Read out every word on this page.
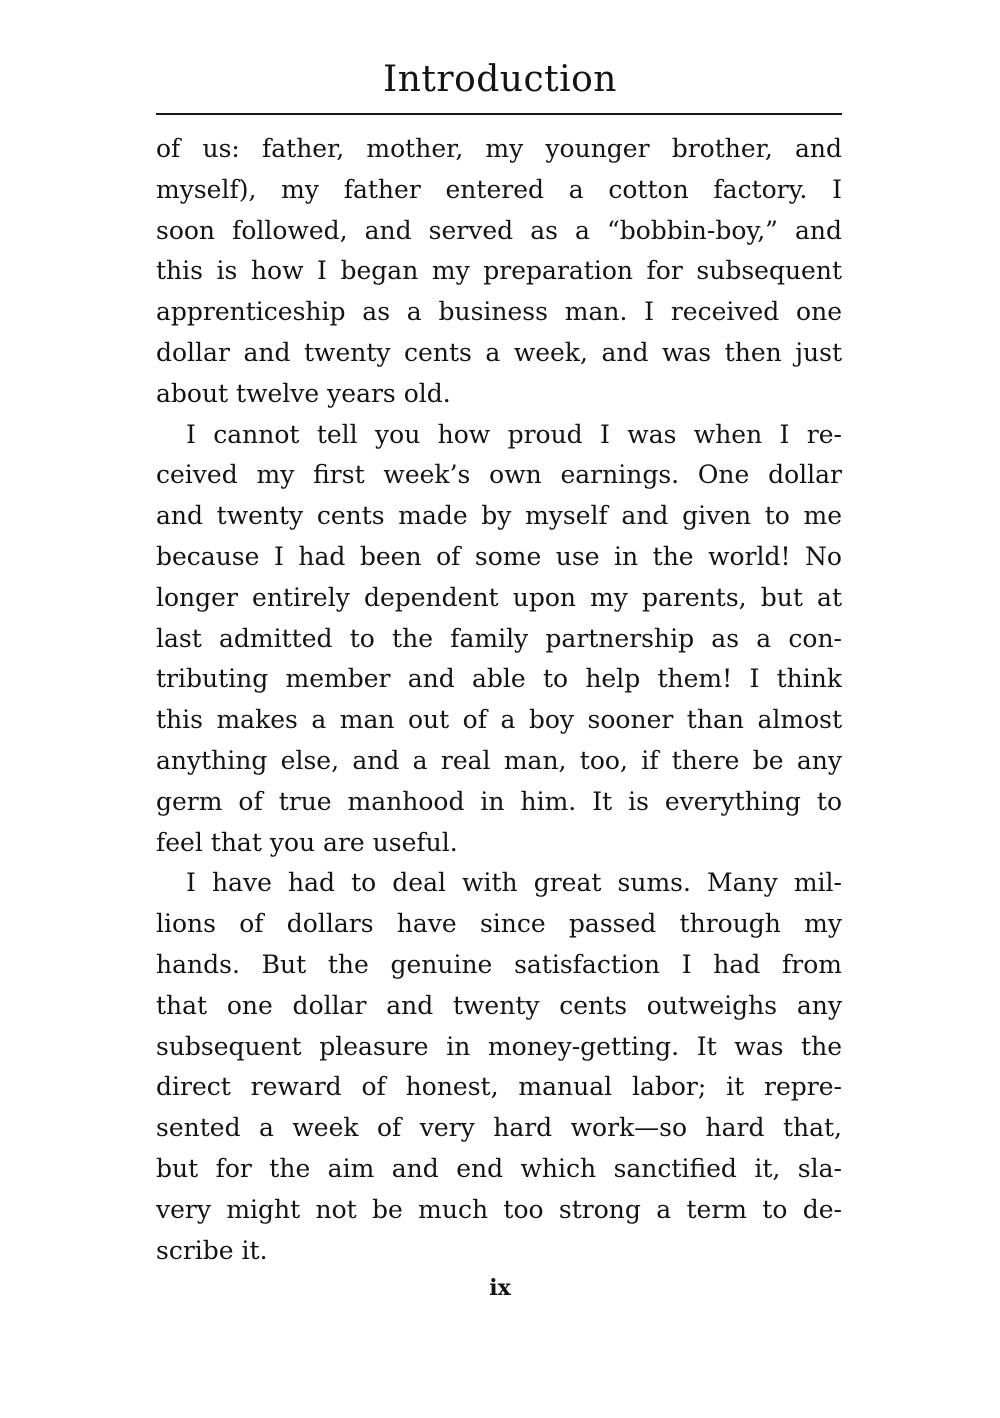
Introduction
of us: father, mother, my younger brother, and
myself), my father entered a cotton factory. I
soon followed, and served as a “bobbin-boy,” and
this is how I began my preparation for subsequent
apprenticeship as a business man. I received one
dollar and twenty cents a week, and was then just
about twelve years old.
I cannot tell you how proud I was when I re-
ceived my first week’s own earnings. One dollar
and twenty cents made by myself and given to me
because I had been of some use in the world! No
longer entirely dependent upon my parents, but at
last admitted to the family partnership as a con-
tributing member and able to help them! I think
this makes a man out of a boy sooner than almost
anything else, and a real man, too, if there be any
germ of true manhood in him. It is everything to
feel that you are useful.
I have had to deal with great sums. Many mil-
lions of dollars have since passed through my
hands. But the genuine satisfaction I had from
that one dollar and twenty cents outweighs any
subsequent pleasure in money-getting. It was the
direct reward of honest, manual labor; it repre-
sented a week of very hard work—so hard that,
but for the aim and end which sanctified it, sla-
very might not be much too strong a term to de-
scribe it.
ix
